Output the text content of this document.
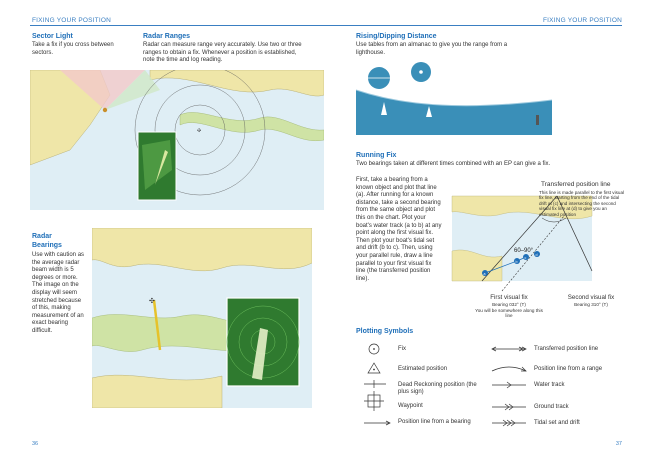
FIXING YOUR POSITION
Sector Light
Take a fix if you cross between sectors.
Radar Ranges
Radar can measure range very accurately. Use two or three ranges to obtain a fix. Whenever a position is established, note the time and log reading.
✣
Radar Bearings
Use with caution as the average radar beam width is 5 degrees or more. The image on the display will seem stretched because of this, making measurement of an exact bearing difficult.
✣
36
FIXING YOUR POSITION
Rising/Dipping Distance
Use tables from an almanac to give you the range from a lighthouse.
Running Fix
Two bearings taken at different times combined with an EP can give a fix.
First, take a bearing from a known object and plot that line (a). After running for a known distance, take a second bearing from the same object and plot this on the chart. Plot your boat's water track (a to b) at any point along the first visual fix. Then plot your boat's tidal set and drift (b to c). Then, using your parallel rule, draw a line parallel to your first visual fix line (the transferred position line).
a
b
c
d
60–90°
Transferred position line
This line is made parallel to the first visual fix line, starting from the end of the tidal drift at (c) and intersecting the second visual fix line at (d) to give you an estimated position
First visual fix
Bearing 032° (T)
You will be somewhere along this line
Second visual fix
Bearing 310° (T)
Plotting Symbols
Fix
Estimated position
Dead Reckoning position (the plus sign)
Waypoint
Position line from a bearing
Transferred position line
Position line from a range
Water track
Ground track
Tidal set and drift
37
